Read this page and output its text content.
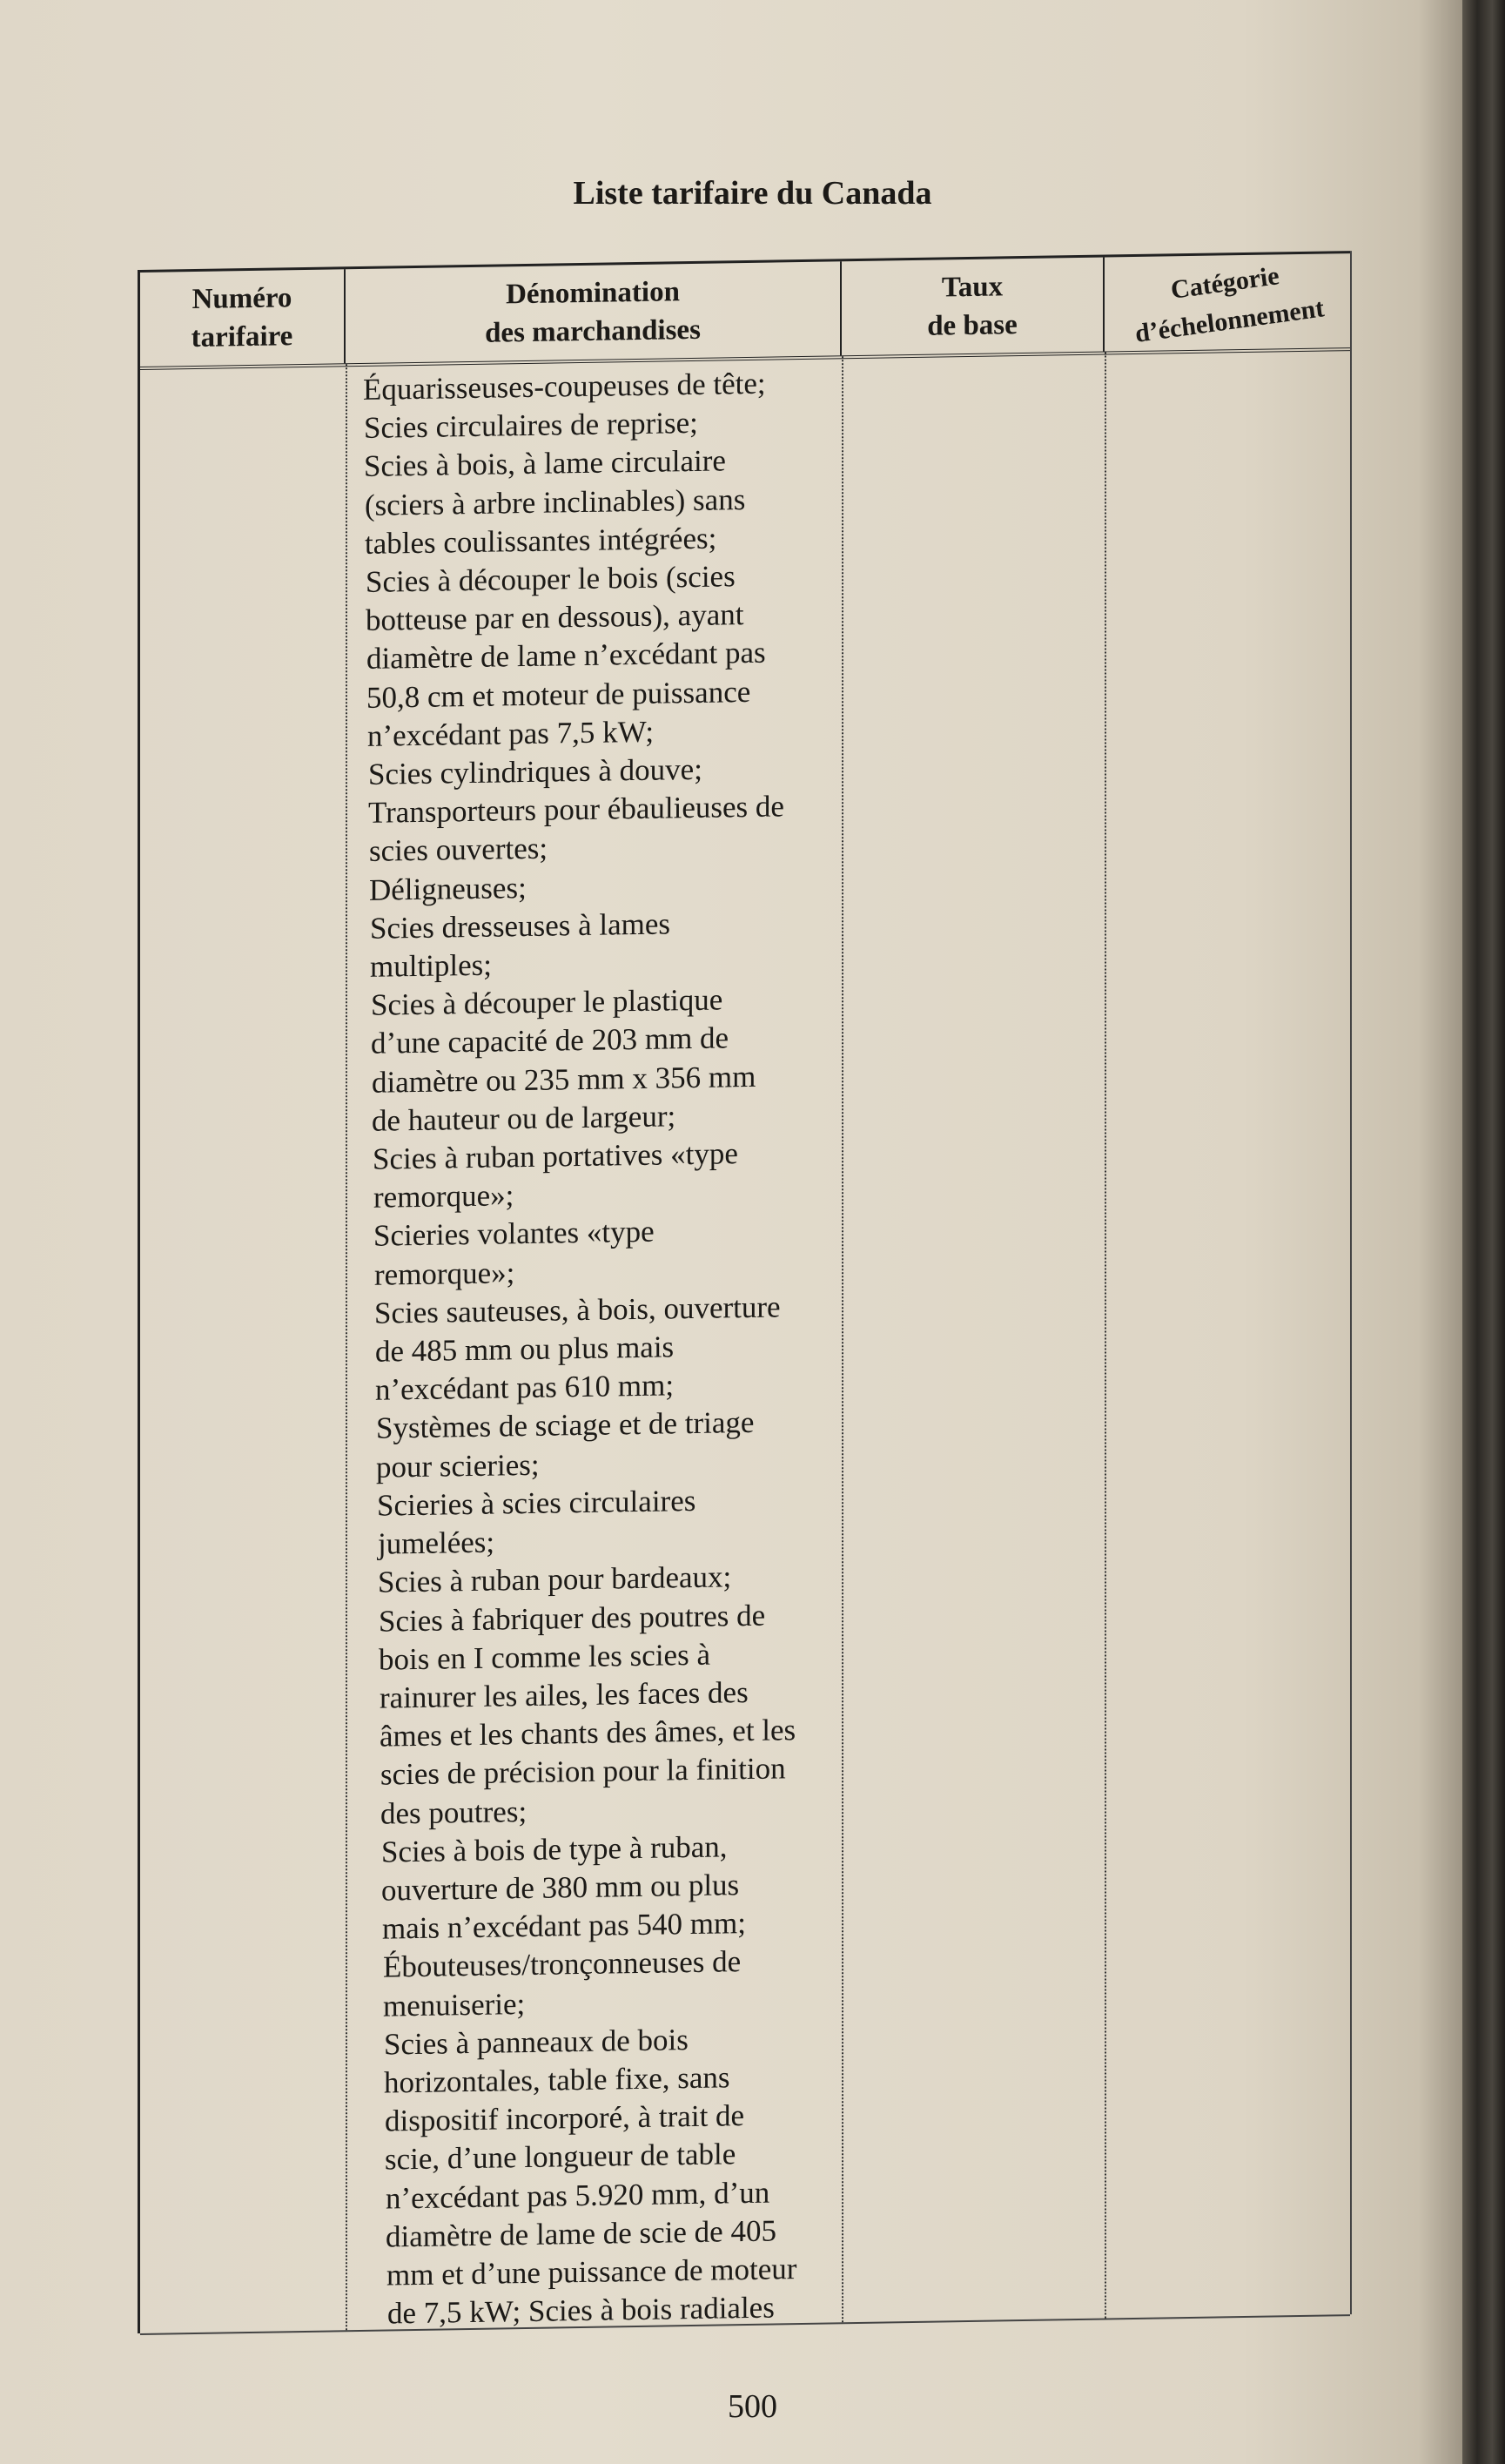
Liste tarifaire du Canada
Numéro
tarifaire
Dénomination
des marchandises
Taux
de base
Catégorie
d’échelonnement
Équarisseuses-coupeuses de tête;
Scies circulaires de reprise;
Scies à bois, à lame circulaire
(sciers à arbre inclinables) sans
tables coulissantes intégrées;
Scies à découper le bois (scies
botteuse par en dessous), ayant
diamètre de lame n’excédant pas
50,8 cm et moteur de puissance
n’excédant pas 7,5 kW;
Scies cylindriques à douve;
Transporteurs pour ébaulieuses de
scies ouvertes;
Déligneuses;
Scies dresseuses à lames
multiples;
Scies à découper le plastique
d’une capacité de 203 mm de
diamètre ou 235 mm x 356 mm
de hauteur ou de largeur;
Scies à ruban portatives «type
remorque»;
Scieries volantes «type
remorque»;
Scies sauteuses, à bois, ouverture
de 485 mm ou plus mais
n’excédant pas 610 mm;
Systèmes de sciage et de triage
pour scieries;
Scieries à scies circulaires
jumelées;
Scies à ruban pour bardeaux;
Scies à fabriquer des poutres de
bois en I comme les scies à
rainurer les ailes, les faces des
âmes et les chants des âmes, et les
scies de précision pour la finition
des poutres;
Scies à bois de type à ruban,
ouverture de 380 mm ou plus
mais n’excédant pas 540 mm;
Ébouteuses/tronçonneuses de
menuiserie;
Scies à panneaux de bois
horizontales, table fixe, sans
dispositif incorporé, à trait de
scie, d’une longueur de table
n’excédant pas 5.920 mm, d’un
diamètre de lame de scie de 405
mm et d’une puissance de moteur
de 7,5 kW; Scies à bois radiales

500
